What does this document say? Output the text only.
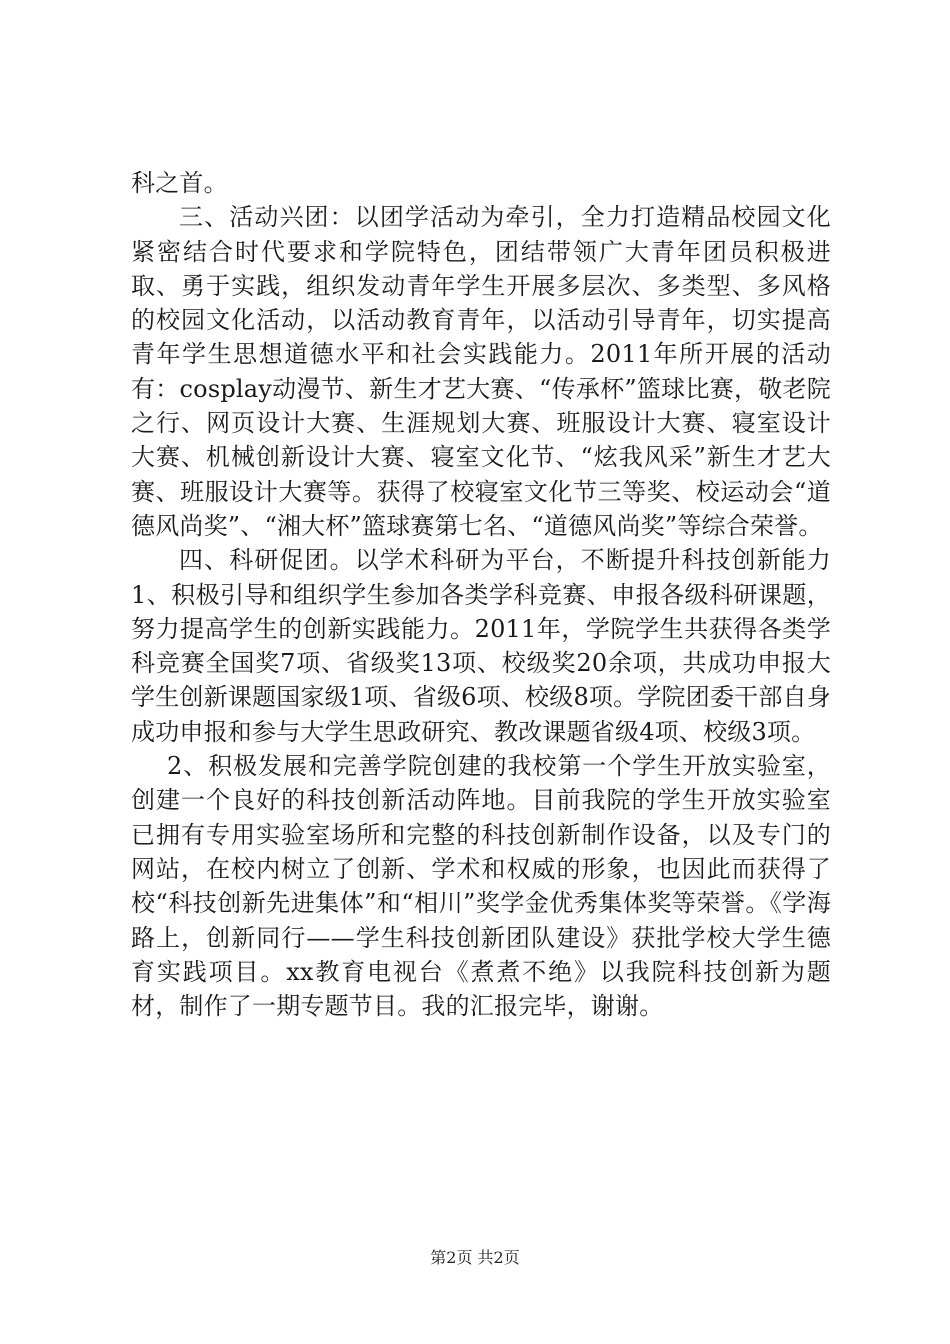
科之首。

三、活动兴团：以团学活动为牵引，全力打造精品校园文化紧密结合时代要求和学院特色，团结带领广大青年团员积极进取、勇于实践，组织发动青年学生开展多层次、多类型、多风格的校园文化活动，以活动教育青年，以活动引导青年，切实提高青年学生思想道德水平和社会实践能力。2011年所开展的活动有：cosplay动漫节、新生才艺大赛、“传承杯”篮球比赛，敬老院之行、网页设计大赛、生涯规划大赛、班服设计大赛、寝室设计大赛、机械创新设计大赛、寝室文化节、“炫我风采”新生才艺大赛、班服设计大赛等。获得了校寝室文化节三等奖、校运动会“道德风尚奖”、“湘大杯”篮球赛第七名、“道德风尚奖”等综合荣誉。

四、科研促团。以学术科研为平台，不断提升科技创新能力1、积极引导和组织学生参加各类学科竞赛、申报各级科研课题，努力提高学生的创新实践能力。2011年，学院学生共获得各类学科竞赛全国奖7项、省级奖13项、校级奖20余项，共成功申报大学生创新课题国家级1项、省级6项、校级8项。学院团委干部自身成功申报和参与大学生思政研究、教改课题省级4项、校级3项。

2、积极发展和完善学院创建的我校第一个学生开放实验室，创建一个良好的科技创新活动阵地。目前我院的学生开放实验室已拥有专用实验室场所和完整的科技创新制作设备，以及专门的网站，在校内树立了创新、学术和权威的形象，也因此而获得了校“科技创新先进集体”和“相川”奖学金优秀集体奖等荣誉。《学海路上，创新同行——学生科技创新团队建设》获批学校大学生德育实践项目。xx教育电视台《煮煮不绝》以我院科技创新为题材，制作了一期专题节目。我的汇报完毕，谢谢。

第2页 共2页
